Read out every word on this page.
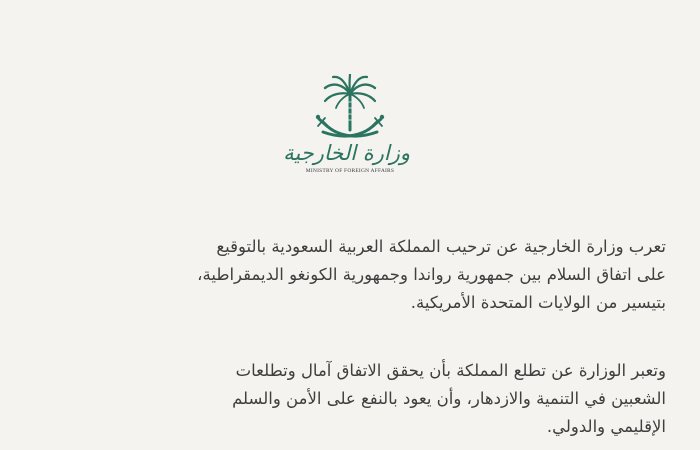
وزارة الخارجية
MINISTRY OF FOREIGN AFFAIRS
تعرب وزارة الخارجية عن ترحيب المملكة العربية السعودية بالتوقيع
على اتفاق السلام بين جمهورية رواندا وجمهورية الكونغو الديمقراطية،
بتيسير من الولايات المتحدة الأمريكية.
وتعبر الوزارة عن تطلع المملكة بأن يحقق الاتفاق آمال وتطلعات
الشعبين في التنمية والازدهار، وأن يعود بالنفع على الأمن والسلم
الإقليمي والدولي.
